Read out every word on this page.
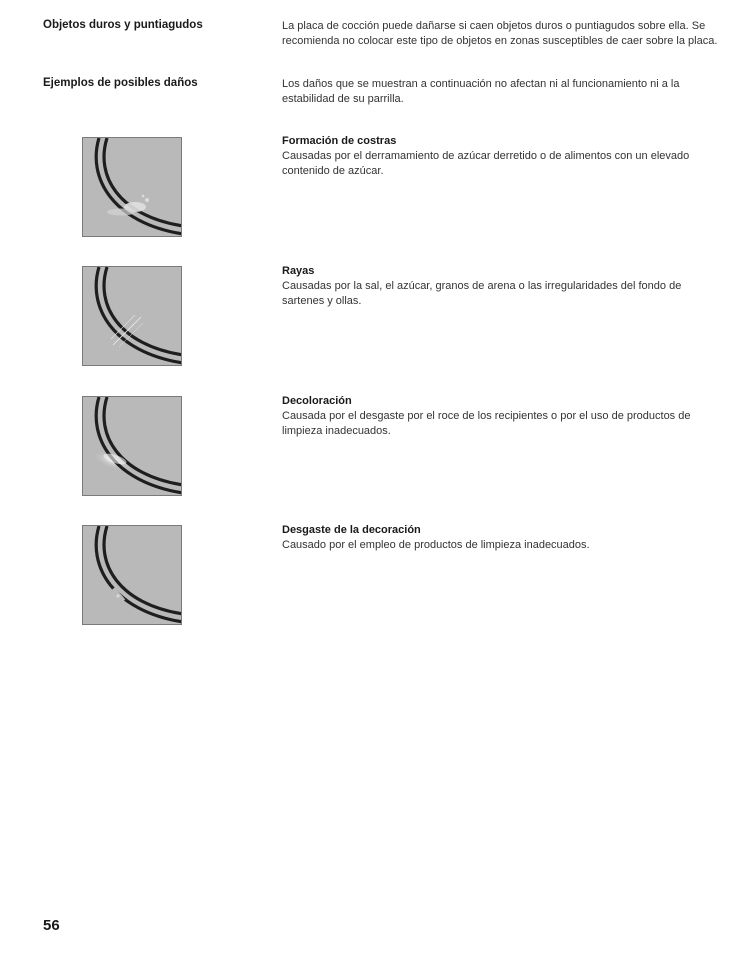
Objetos duros y puntiagudos	La placa de cocción puede dañarse si caen objetos duros o puntiagudos sobre ella. Se recomienda no colocar este tipo de objetos en zonas susceptibles de caer sobre la placa.
Ejemplos de posibles daños	Los daños que se muestran a continuación no afectan ni al funcionamiento ni a la estabilidad de su parrilla.
Formación de costras
Causadas por el derramamiento de azúcar derretido o de alimentos con un elevado contenido de azúcar.
Rayas
Causadas por la sal, el azúcar, granos de arena o las irregularidades del fondo de sartenes y ollas.
Decoloración
Causada por el desgaste por el roce de los recipientes o por el uso de productos de limpieza inadecuados.
Desgaste de la decoración
Causado por el empleo de productos de limpieza inadecuados.
56
